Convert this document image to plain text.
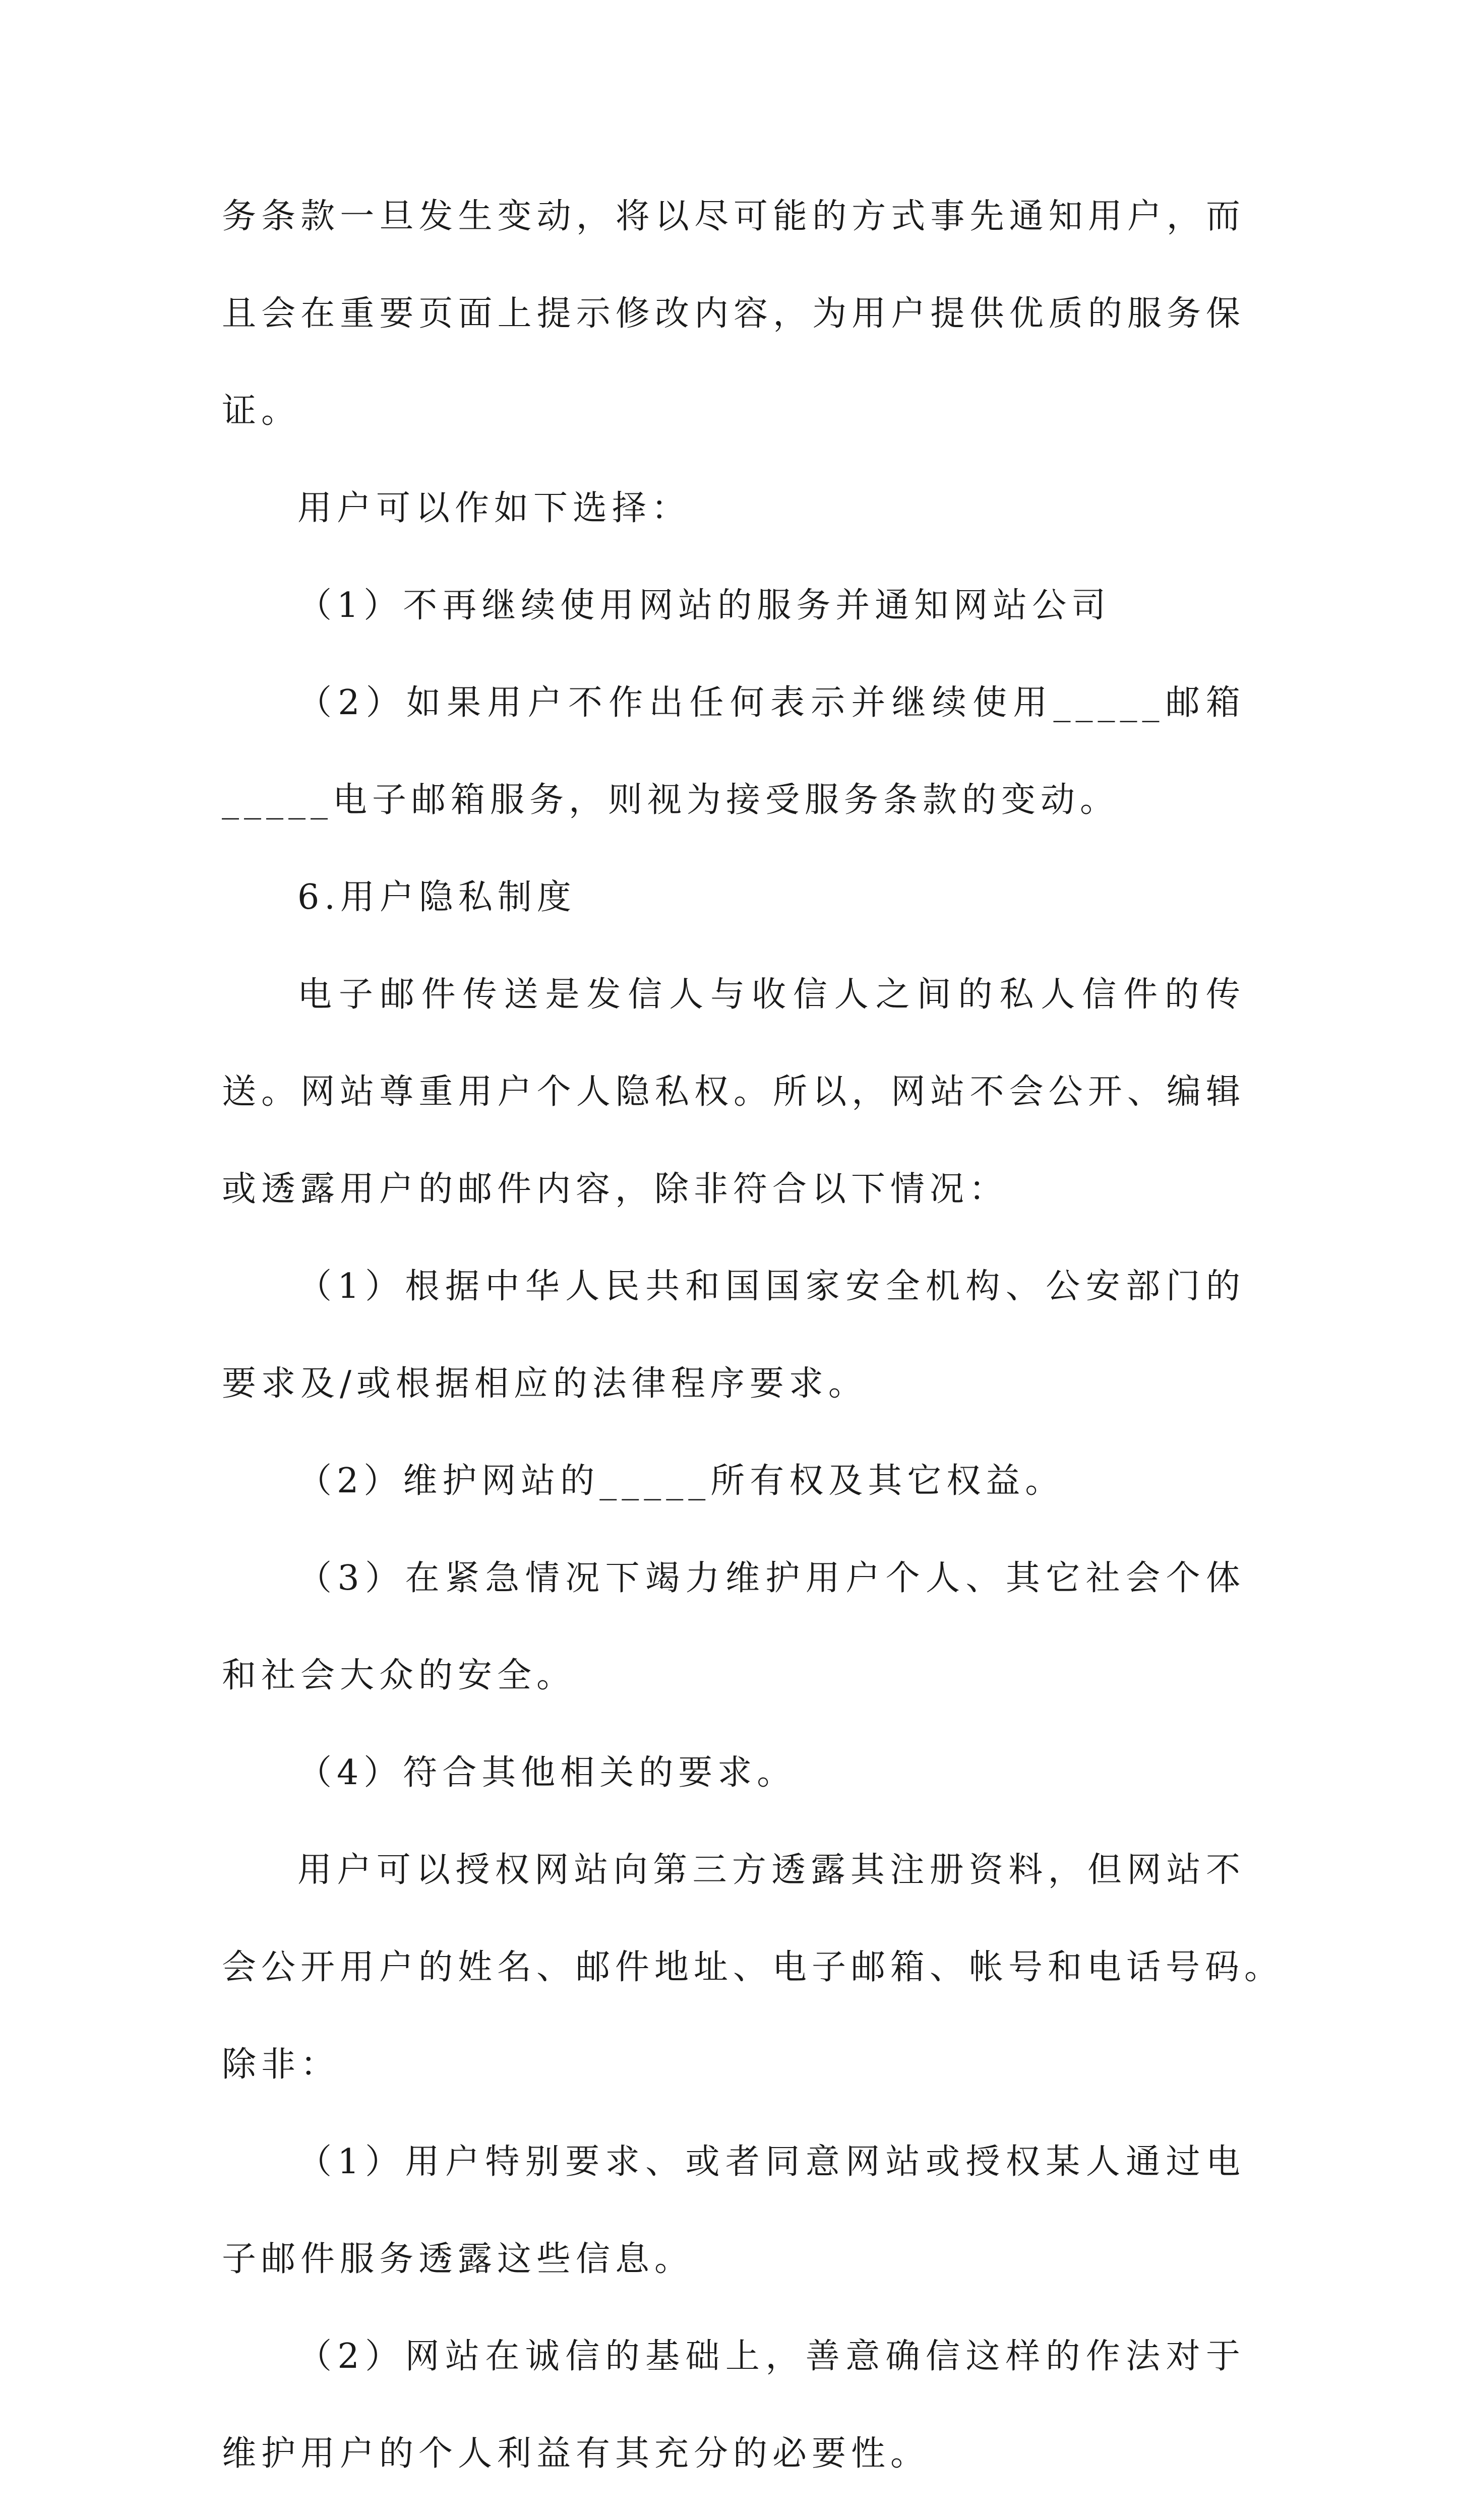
务条款一旦发生变动，将以尽可能的方式事先通知用户，而
且会在重要页面上提示修改内容，为用户提供优质的服务保
证。
用户可以作如下选择：
（1）不再继续使用网站的服务并通知网站公司
（2）如果用户不作出任何表示并继续使用_____邮箱
_____电子邮箱服务，则视为接受服务条款的变动。
6.用户隐私制度
电子邮件传送是发信人与收信人之间的私人信件的传
送。网站尊重用户个人隐私权。所以，网站不会公开、编辑
或透露用户的邮件内容，除非符合以下情况：
（1）根据中华人民共和国国家安全机构、公安部门的
要求及/或根据相应的法律程序要求。
（2）维护网站的_____所有权及其它权益。
（3）在紧急情况下竭力维护用户个人、其它社会个体
和社会大众的安全。
（4）符合其他相关的要求。
用户可以授权网站向第三方透露其注册资料，但网站不
会公开用户的姓名、邮件地址、电子邮箱、帐号和电话号码。
除非：
（1）用户特别要求、或者同意网站或授权某人通过电
子邮件服务透露这些信息。
（2）网站在诚信的基础上，善意确信这样的作法对于
维护用户的个人利益有其充分的必要性。
